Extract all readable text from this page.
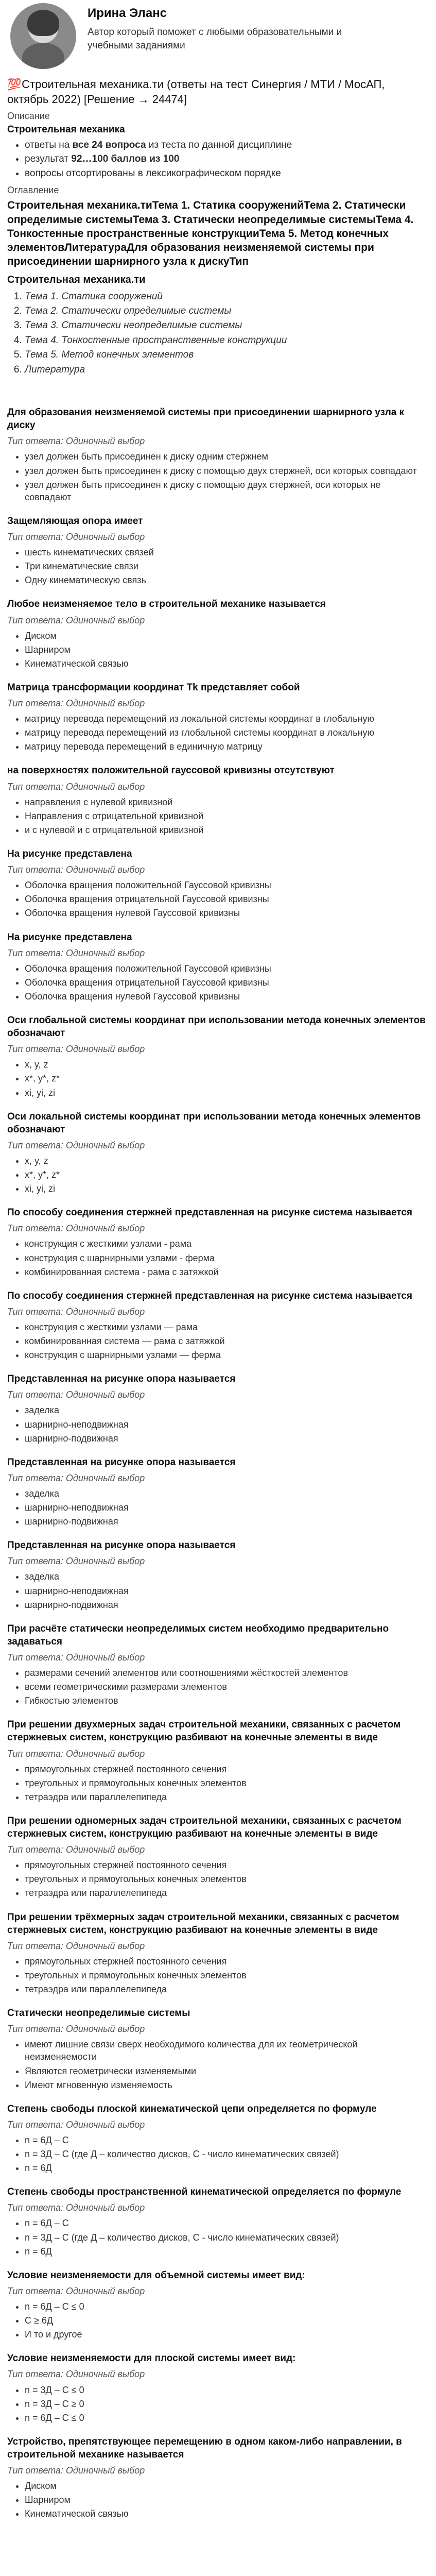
Ирина Эланс

Автор который поможет с любыми образовательными и учебными заданиями

💯 Строительная механика.ти (ответы на тест Синергия / МТИ / МосАП, октябрь 2022) [Решение → 24474]
Описание
Строительная механика
• ответы на все 24 вопроса из теста по данной дисциплине
• результат 92…100 баллов из 100
• вопросы отсортированы в лексикографическом порядке
Оглавление
Строительная механика.тиТема 1. Статика сооруженийТема 2. Статически определимые системыТема 3. Статически неопределимые системыТема 4. Тонкостенные пространственные конструкцииТема 5. Метод конечных элементовЛитератураДля образования неизменяемой системы при присоединении шарнирного узла к дискуТип
Строительная механика.ти
1. Тема 1. Статика сооружений
2. Тема 2. Статически определимые системы
3. Тема 3. Статически неопределимые системы
4. Тема 4. Тонкостенные пространственные конструкции
5. Тема 5. Метод конечных элементов
6. Литература
Для образования неизменяемой системы при присоединении шарнирного узла к диску
Тип ответа: Одиночный выбор
• узел должен быть присоединен к диску одним стержнем
• узел должен быть присоединен к диску с помощью двух стержней, оси которых совпадают
• узел должен быть присоединен к диску с помощью двух стержней, оси которых не совпадают
Защемляющая опора имеет
Тип ответа: Одиночный выбор
• шесть кинематических связей
• Три кинематические связи
• Одну кинематическую связь
Любое неизменяемое тело в строительной механике называется
Тип ответа: Одиночный выбор
• Диском
• Шарниром
• Кинематической связью
Матрица трансформации координат Tk представляет собой
Тип ответа: Одиночный выбор
• матрицу перевода перемещений из локальной системы координат в глобальную
• матрицу перевода перемещений из глобальной системы координат в локальную
• матрицу перевода перемещений в единичную матрицу
на поверхностях положительной гауссовой кривизны отсутствуют
Тип ответа: Одиночный выбор
• направления с нулевой кривизной
• Направления с отрицательной кривизной
• и с нулевой и с отрицательной кривизной
На рисунке представлена
Тип ответа: Одиночный выбор
• Оболочка вращения положительной Гауссовой кривизны
• Оболочка вращения отрицательной Гауссовой кривизны
• Оболочка вращения нулевой Гауссовой кривизны
На рисунке представлена
Тип ответа: Одиночный выбор
• Оболочка вращения положительной Гауссовой кривизны
• Оболочка вращения отрицательной Гауссовой кривизны
• Оболочка вращения нулевой Гауссовой кривизны
Оси глобальной системы координат при использовании метода конечных элементов обозначают
Тип ответа: Одиночный выбор
• x, y, z
• x*, y*, z*
• xi, yi, zi
Оси локальной системы координат при использовании метода конечных элементов обозначают
Тип ответа: Одиночный выбор
• x, y, z
• x*, y*, z*
• xi, yi, zi
По способу соединения стержней представленная на рисунке система называется
Тип ответа: Одиночный выбор
• конструкция с жесткими узлами - рама
• конструкция с шарнирными узлами - ферма
• комбинированная система - рама с затяжкой
По способу соединения стержней представленная на рисунке система называется
Тип ответа: Одиночный выбор
• конструкция с жесткими узлами — рама
• комбинированная система — рама с затяжкой
• конструкция с шарнирными узлами — ферма
Представленная на рисунке опора называется
Тип ответа: Одиночный выбор
• заделка
• шарнирно-неподвижная
• шарнирно-подвижная
Представленная на рисунке опора называется
Тип ответа: Одиночный выбор
• заделка
• шарнирно-неподвижная
• шарнирно-подвижная
Представленная на рисунке опора называется
Тип ответа: Одиночный выбор
• заделка
• шарнирно-неподвижная
• шарнирно-подвижная
При расчёте статически неопределимых систем необходимо предварительно задаваться
Тип ответа: Одиночный выбор
• размерами сечений элементов или соотношениями жёсткостей элементов
• всеми геометрическими размерами элементов
• Гибкостью элементов
При решении двухмерных задач строительной механики, связанных с расчетом стержневых систем, конструкцию разбивают на конечные элементы в виде
Тип ответа: Одиночный выбор
• прямоугольных стержней постоянного сечения
• треугольных и прямоугольных конечных элементов
• тетраэдра или параллелепипеда
При решении одномерных задач строительной механики, связанных с расчетом стержневых систем, конструкцию разбивают на конечные элементы в виде
Тип ответа: Одиночный выбор
• прямоугольных стержней постоянного сечения
• треугольных и прямоугольных конечных элементов
• тетраэдра или параллелепипеда
При решении трёхмерных задач строительной механики, связанных с расчетом стержневых систем, конструкцию разбивают на конечные элементы в виде
Тип ответа: Одиночный выбор
• прямоугольных стержней постоянного сечения
• треугольных и прямоугольных конечных элементов
• тетраэдра или параллелепипеда
Статически неопределимые системы
Тип ответа: Одиночный выбор
• имеют лишние связи сверх необходимого количества для их геометрической неизменяемости
• Являются геометрически изменяемыми
• Имеют мгновенную изменяемость
Степень свободы плоской кинематической цепи определяется по формуле
Тип ответа: Одиночный выбор
• n = 6Д – C
• n = 3Д – C (где Д – количество дисков, C - число кинематических связей)
• n = 6Д
Степень свободы пространственной кинематической определяется по формуле
Тип ответа: Одиночный выбор
• n = 6Д – C
• n = 3Д – C (где Д – количество дисков, C - число кинематических связей)
• n = 6Д
Условие неизменяемости для объемной системы имеет вид:
Тип ответа: Одиночный выбор
• n = 6Д – C ≤ 0
• C ≥ 6Д
• И то и другое
Условие неизменяемости для плоской системы имеет вид:
Тип ответа: Одиночный выбор
• n = 3Д – C ≤ 0
• n = 3Д – C ≥ 0
• n = 6Д – C ≤ 0
Устройство, препятствующее перемещению в одном каком-либо направлении, в строительной механике называется
Тип ответа: Одиночный выбор
• Диском
• Шарниром
• Кинематической связью
